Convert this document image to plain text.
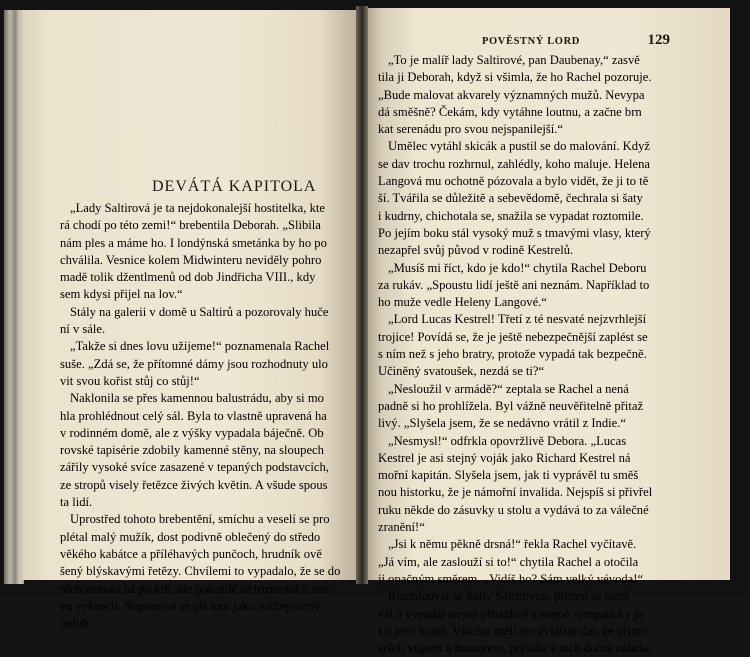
DEVÁTÁ KAPITOLA
POVĚSTNÝ LORD	129
„Lady Saltirová je ta nejdokonalejší hostitelka, kte
rá chodí po této zemi!“ brebentila Deborah. „Slibila
nám ples a máme ho. I londýnská smetánka by ho po
chválila. Vesnice kolem Midwinteru neviděly pohro
madě tolik džentlmenů od dob Jindřicha VIII., kdy
sem kdysi přijel na lov.“
Stály na galerii v domě u Saltirů a pozorovaly huče
ní v sále.
„Takže si dnes lovu užijeme!“ poznamenala Rachel
suše. „Zdá se, že přítomné dámy jsou rozhodnuty ulo
vit svou kořist stůj co stůj!“
Naklonila se přes kamennou balustrádu, aby si mo
hla prohlédnout celý sál. Byla to vlastně upravená ha
v rodinném domě, ale z výšky vypadala báječně. Ob
rovské tapisérie zdobily kamenné stěny, na sloupech
zářily vysoké svíce zasazené v tepaných podstavcích,
ze stropů visely řetězce živých květin. A všude spous
ta lidí.
Uprostřed tohoto brebentění, smíchu a veselí se pro
plétal malý mužík, dost podivně oblečený do středo
věkého kabátce a příléhavých punčoch, hrudník ově
šený blýskavými řetězy. Chvílemi to vypadalo, že se do
nich zamotá až po krk, ale pokaždé se rozmotal a zno
vu vykročil. Naparoval se při tom jako rozčepýřený
holub.
„To je malíř lady Saltirové, pan Daubenay,“ zasvě
tila ji Deborah, když si všimla, že ho Rachel pozoruje.
„Bude malovat akvarely významných mužů. Nevypa
dá směšně? Čekám, kdy vytáhne loutnu, a začne brn
kat serenádu pro svou nejspanilejší.“
Umělec vytáhl skicák a pustil se do malování. Když
se dav trochu rozhrnul, zahlédly, koho maluje. Helena
Langová mu ochotně pózovala a bylo vidět, že ji to tě
ší. Tvářila se důležitě a sebevědomě, čechrala si šaty
i kudrny, chichotala se, snažila se vypadat roztomile.
Po jejím boku stál vysoký muž s tmavými vlasy, který
nezapřel svůj původ v rodině Kestrelů.
„Musíš mi říct, kdo je kdo!“ chytila Rachel Deboru
za rukáv. „Spoustu lidí ještě ani neznám. Například to
ho muže vedle Heleny Langové.“
„Lord Lucas Kestrel! Třetí z té nesvaté nejzvrhlejší
trojice! Povídá se, že je ještě nebezpečnější zaplést se
s ním než s jeho bratry, protože vypadá tak bezpečně.
Učiněný svatoušek, nezdá se ti?“
„Nesloužil v armádě?“ zeptala se Rachel a nená
padně si ho prohlížela. Byl vážně neuvěřitelně přitaž
livý. „Slyšela jsem, že se nedávno vrátil z Indie.“
„Nesmysl!“ odfrkla opovržlivě Debora. „Lucas
Kestrel je asi stejný voják jako Richard Kestrel ná
mořní kapitán. Slyšela jsem, jak ti vyprávěl tu směš
nou historku, že je námořní invalida. Nejspíš si přivřel
ruku někde do zásuvky u stolu a vydává to za válečné
zranění!“
„Jsi k němu pěkně drsná!“ řekla Rachel vyčítavě.
„Já vím, ale zaslouží si to!“ chytila Rachel a otočila
ji opačným směrem. „Vidíš ho? Sám velký vévoda!“
Rozmlouval se Sally Saltirovou, přitom se usmí
val a vypadal stejně přitažlivě a stejně sympaticky ja
ko jeho bratři. Všichni měli ten zvláštní dar, že přímo
sršeli vtipem a humorem, prýštila z nich dobrá nálada,
